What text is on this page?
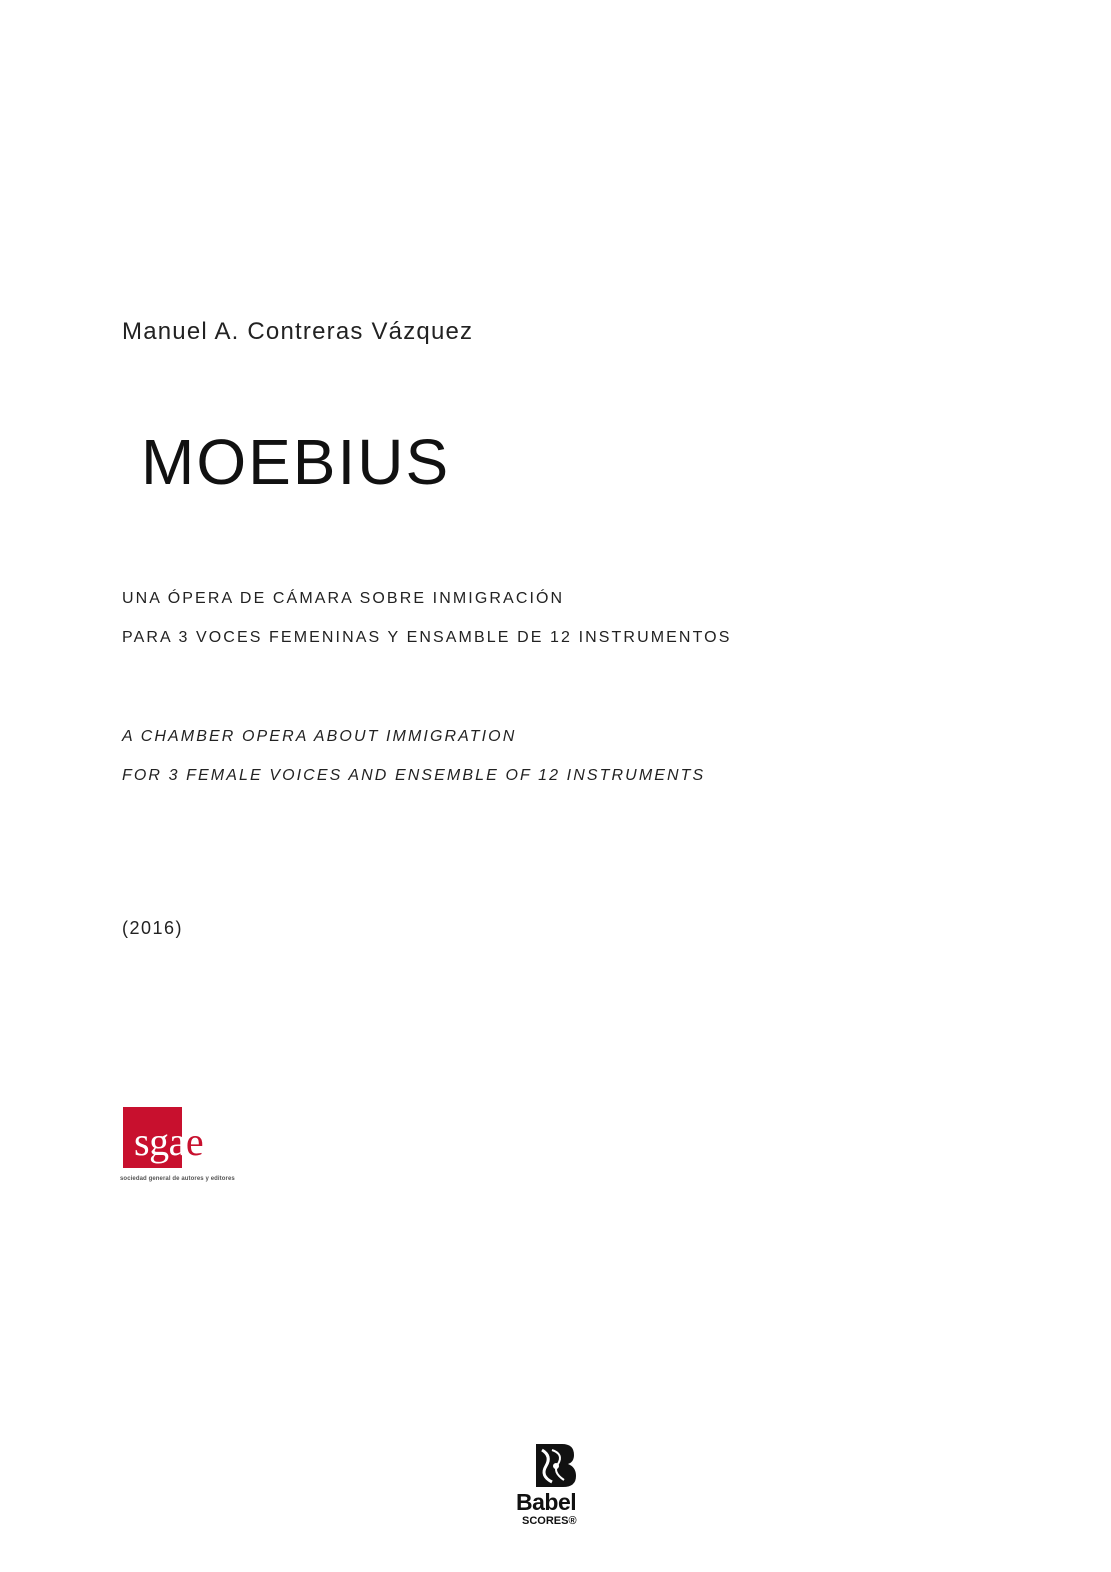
Manuel A. Contreras Vázquez
MOEBIUS
UNA ÓPERA DE CÁMARA SOBRE INMIGRACIÓN
PARA 3 VOCES FEMENINAS Y ENSAMBLE DE 12 INSTRUMENTOS
A CHAMBER OPERA ABOUT IMMIGRATION
FOR 3 FEMALE VOICES AND ENSEMBLE OF 12 INSTRUMENTS
(2016)
sgae
sociedad general de autores y editores
Babel
SCORES®
